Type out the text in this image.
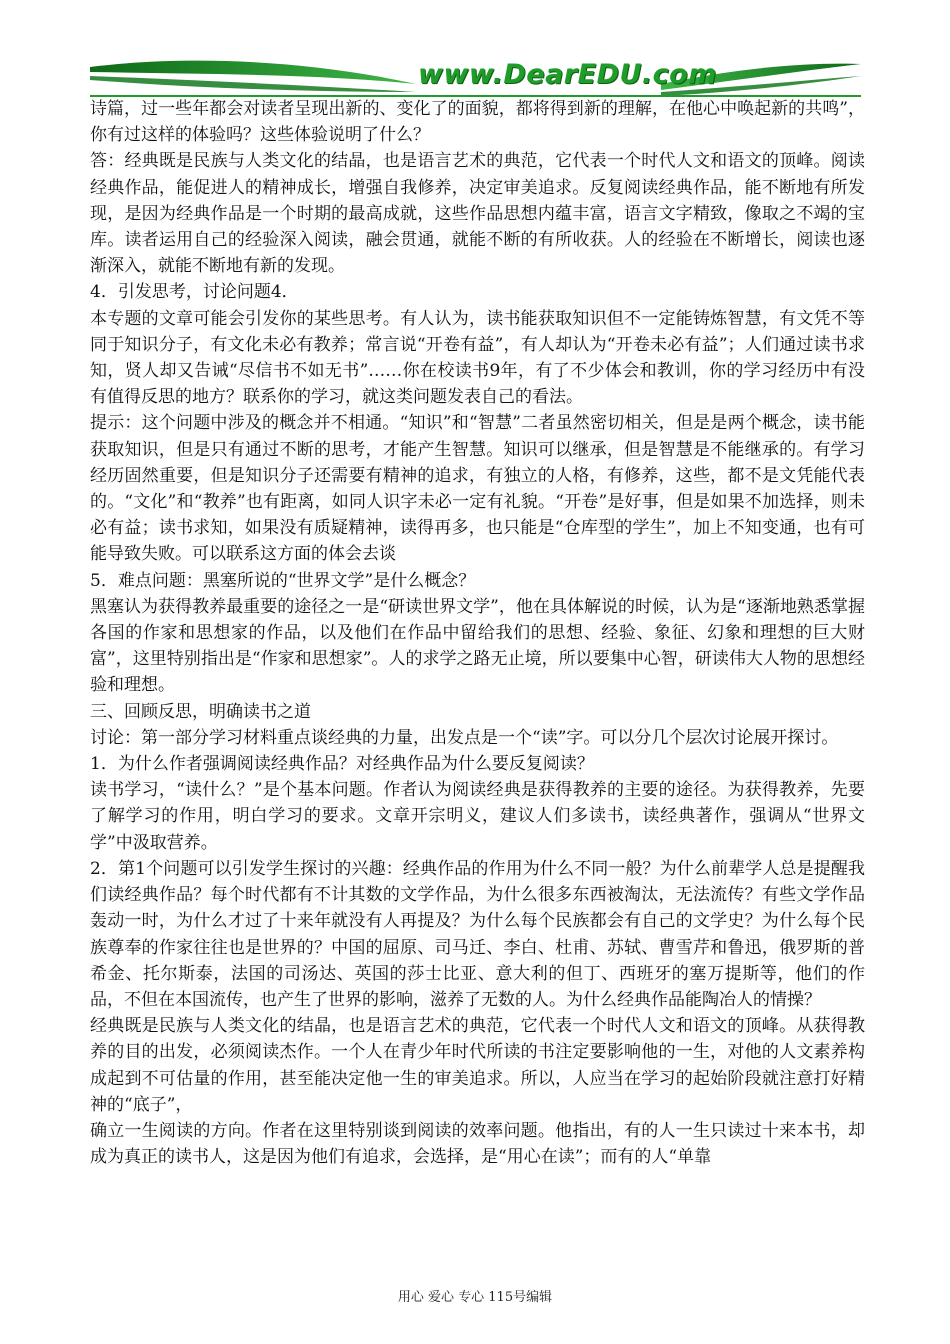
www.DearEDU.com

诗篇，过一些年都会对读者呈现出新的、变化了的面貌，都将得到新的理解，在他心中唤起新的共鸣”，你有过这样的体验吗？这些体验说明了什么？

答：经典既是民族与人类文化的结晶，也是语言艺术的典范，它代表一个时代人文和语文的顶峰。阅读经典作品，能促进人的精神成长，增强自我修养，决定审美追求。反复阅读经典作品，能不断地有所发现，是因为经典作品是一个时期的最高成就，这些作品思想内蕴丰富，语言文字精致，像取之不竭的宝库。读者运用自己的经验深入阅读，融会贯通，就能不断的有所收获。人的经验在不断增长，阅读也逐渐深入，就能不断地有新的发现。

4．引发思考，讨论问题4．

本专题的文章可能会引发你的某些思考。有人认为，读书能获取知识但不一定能铸炼智慧，有文凭不等同于知识分子，有文化未必有教养；常言说“开卷有益”，有人却认为“开卷未必有益”；人们通过读书求知，贤人却又告诫“尽信书不如无书”……你在校读书9年，有了不少体会和教训，你的学习经历中有没有值得反思的地方？联系你的学习，就这类问题发表自己的看法。

提示：这个问题中涉及的概念并不相通。“知识”和“智慧”二者虽然密切相关，但是是两个概念，读书能获取知识，但是只有通过不断的思考，才能产生智慧。知识可以继承，但是智慧是不能继承的。有学习经历固然重要，但是知识分子还需要有精神的追求，有独立的人格，有修养，这些，都不是文凭能代表的。“文化”和“教养”也有距离，如同人识字未必一定有礼貌。“开卷”是好事，但是如果不加选择，则未必有益；读书求知，如果没有质疑精神，读得再多，也只能是“仓库型的学生”，加上不知变通，也有可能导致失败。可以联系这方面的体会去谈

5．难点问题：黑塞所说的“世界文学”是什么概念？

黑塞认为获得教养最重要的途径之一是“研读世界文学”，他在具体解说的时候，认为是“逐渐地熟悉掌握各国的作家和思想家的作品，以及他们在作品中留给我们的思想、经验、象征、幻象和理想的巨大财富”，这里特别指出是“作家和思想家”。人的求学之路无止境，所以要集中心智，研读伟大人物的思想经验和理想。

三、回顾反思，明确读书之道

讨论：第一部分学习材料重点谈经典的力量，出发点是一个“读”字。可以分几个层次讨论展开探讨。

1．为什么作者强调阅读经典作品？对经典作品为什么要反复阅读？

读书学习，“读什么？”是个基本问题。作者认为阅读经典是获得教养的主要的途径。为获得教养，先要了解学习的作用，明白学习的要求。文章开宗明义，建议人们多读书，读经典著作，强调从“世界文学”中汲取营养。

2．第1个问题可以引发学生探讨的兴趣：经典作品的作用为什么不同一般？为什么前辈学人总是提醒我们读经典作品？每个时代都有不计其数的文学作品，为什么很多东西被淘汰，无法流传？有些文学作品轰动一时，为什么才过了十来年就没有人再提及？为什么每个民族都会有自己的文学史？为什么每个民族尊奉的作家往往也是世界的？中国的屈原、司马迁、李白、杜甫、苏轼、曹雪芹和鲁迅，俄罗斯的普希金、托尔斯泰，法国的司汤达、英国的莎士比亚、意大利的但丁、西班牙的塞万提斯等，他们的作品，不但在本国流传，也产生了世界的影响，滋养了无数的人。为什么经典作品能陶冶人的情操？

经典既是民族与人类文化的结晶，也是语言艺术的典范，它代表一个时代人文和语文的顶峰。从获得教养的目的出发，必须阅读杰作。一个人在青少年时代所读的书注定要影响他的一生，对他的人文素养构成起到不可估量的作用，甚至能决定他一生的审美追求。所以，人应当在学习的起始阶段就注意打好精神的“底子”，

确立一生阅读的方向。作者在这里特别谈到阅读的效率问题。他指出，有的人一生只读过十来本书，却成为真正的读书人，这是因为他们有追求，会选择，是“用心在读”；而有的人“单靠

用心 爱心 专心 115号编辑
